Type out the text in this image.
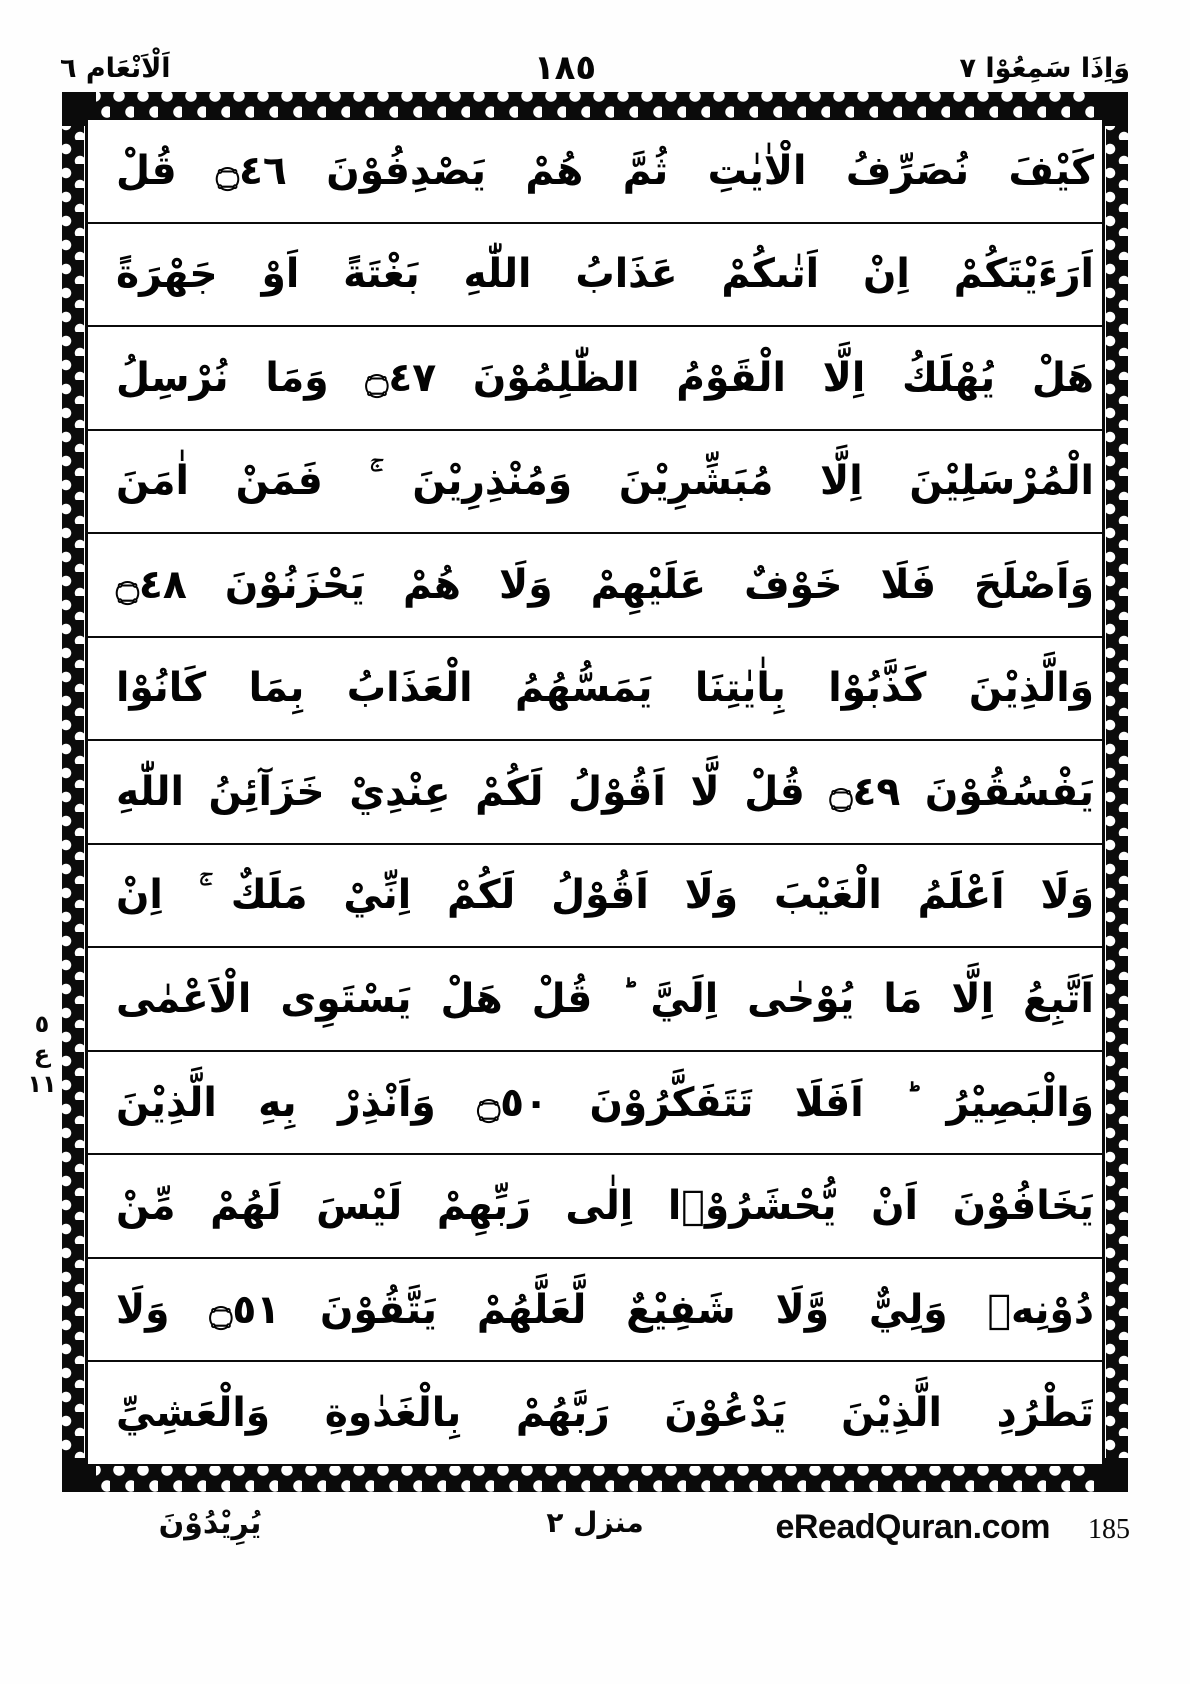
وَاِذَا سَمِعُوْا ٧
١٨٥
اَلْاَنْعَام ٦
كَيْفَ نُصَرِّفُ الْاٰيٰتِ ثُمَّ هُمْ يَصْدِفُوْنَ ۝٤٦ قُلْ
اَرَءَيْتَكُمْ اِنْ اَتٰىكُمْ عَذَابُ اللّٰهِ بَغْتَةً اَوْ جَهْرَةً
هَلْ يُهْلَكُ اِلَّا الْقَوْمُ الظّٰلِمُوْنَ ۝٤٧ وَمَا نُرْسِلُ
الْمُرْسَلِيْنَ اِلَّا مُبَشِّرِيْنَ وَمُنْذِرِيْنَ ۚ فَمَنْ اٰمَنَ
وَاَصْلَحَ فَلَا خَوْفٌ عَلَيْهِمْ وَلَا هُمْ يَحْزَنُوْنَ ۝٤٨
وَالَّذِيْنَ كَذَّبُوْا بِاٰيٰتِنَا يَمَسُّهُمُ الْعَذَابُ بِمَا كَانُوْا
يَفْسُقُوْنَ ۝٤٩ قُلْ لَّا اَقُوْلُ لَكُمْ عِنْدِيْ خَزَآئِنُ اللّٰهِ
وَلَا اَعْلَمُ الْغَيْبَ وَلَا اَقُوْلُ لَكُمْ اِنِّيْ مَلَكٌ ۚ اِنْ
اَتَّبِعُ اِلَّا مَا يُوْحٰى اِلَيَّ ؕ قُلْ هَلْ يَسْتَوِى الْاَعْمٰى
وَالْبَصِيْرُ ؕ اَفَلَا تَتَفَكَّرُوْنَ ۝٥٠ وَاَنْذِرْ بِهِ الَّذِيْنَ
يَخَافُوْنَ اَنْ يُّحْشَرُوْۤا اِلٰى رَبِّهِمْ لَيْسَ لَهُمْ مِّنْ
دُوْنِهٖ وَلِيٌّ وَّلَا شَفِيْعٌ لَّعَلَّهُمْ يَتَّقُوْنَ ۝٥١ وَلَا
تَطْرُدِ الَّذِيْنَ يَدْعُوْنَ رَبَّهُمْ بِالْغَدٰوةِ وَالْعَشِيِّ
٥
ع
١١
يُرِيْدُوْنَ	منزل ٢	eReadQuran.com 185
